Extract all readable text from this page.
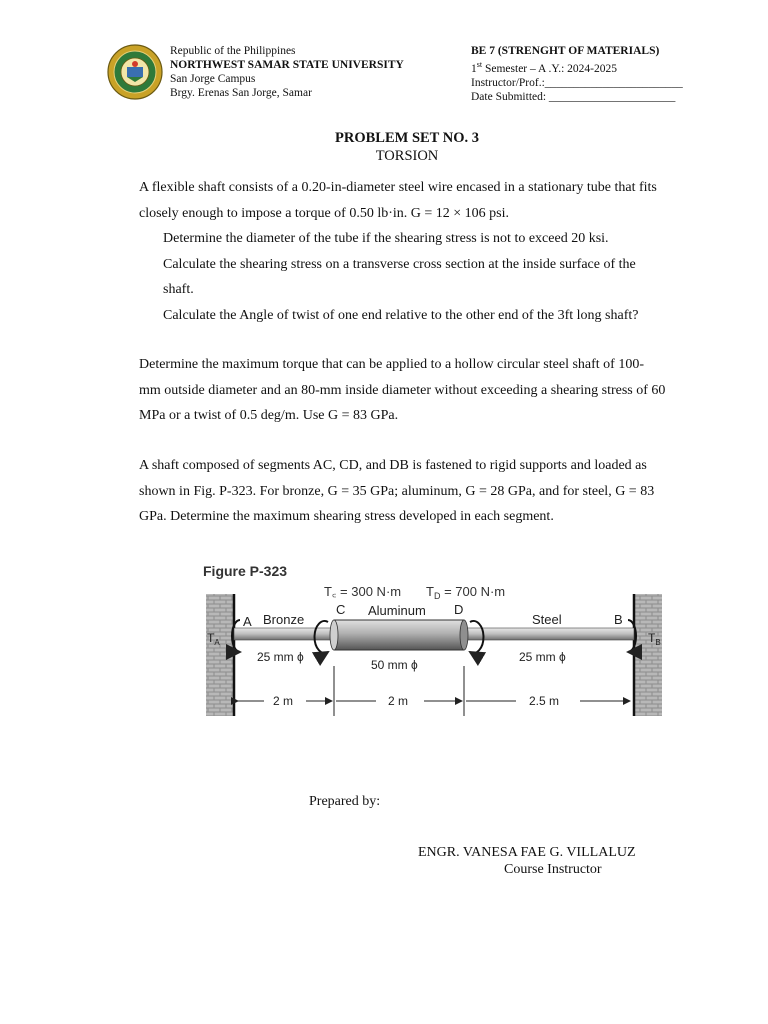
Republic of the Philippines
NORTHWEST SAMAR STATE UNIVERSITY
San Jorge Campus
Brgy. Erenas San Jorge, Samar
BE 7 (STRENGHT OF MATERIALS)
1st Semester – A .Y.: 2024-2025
Instructor/Prof.:________________________
Date Submitted: ______________________
PROBLEM SET NO. 3
TORSION
A flexible shaft consists of a 0.20-in-diameter steel wire encased in a stationary tube that fits
closely enough to impose a torque of 0.50 lb·in. G = 12 × 106 psi.
Determine the diameter of the tube if the shearing stress is not to exceed 20 ksi.
Calculate the shearing stress on a transverse cross section at the inside surface of the
shaft.
Calculate the Angle of twist of one end relative to the other end of the 3ft long shaft?
Determine the maximum torque that can be applied to a hollow circular steel shaft of 100-
mm outside diameter and an 80-mm inside diameter without exceeding a shearing stress of 60
MPa or a twist of 0.5 deg/m. Use G = 83 GPa.
A shaft composed of segments AC, CD, and DB is fastened to rigid supports and loaded as
shown in Fig. P-323. For bronze, G = 35 GPa; aluminum, G = 28 GPa, and for steel, G = 83
GPa. Determine the maximum shearing stress developed in each segment.
Figure P-323
T꜀ = 300 N·m $T_D = 700$ N·m
A Bronze
C Aluminum D
Steel	B
$T_A$	$T_B$
25 mm ϕ
50 mm ϕ
25 mm ϕ
2 m	2 m	2.5 m
Prepared by:
ENGR. VANESA FAE G. VILLALUZ
Course Instructor
